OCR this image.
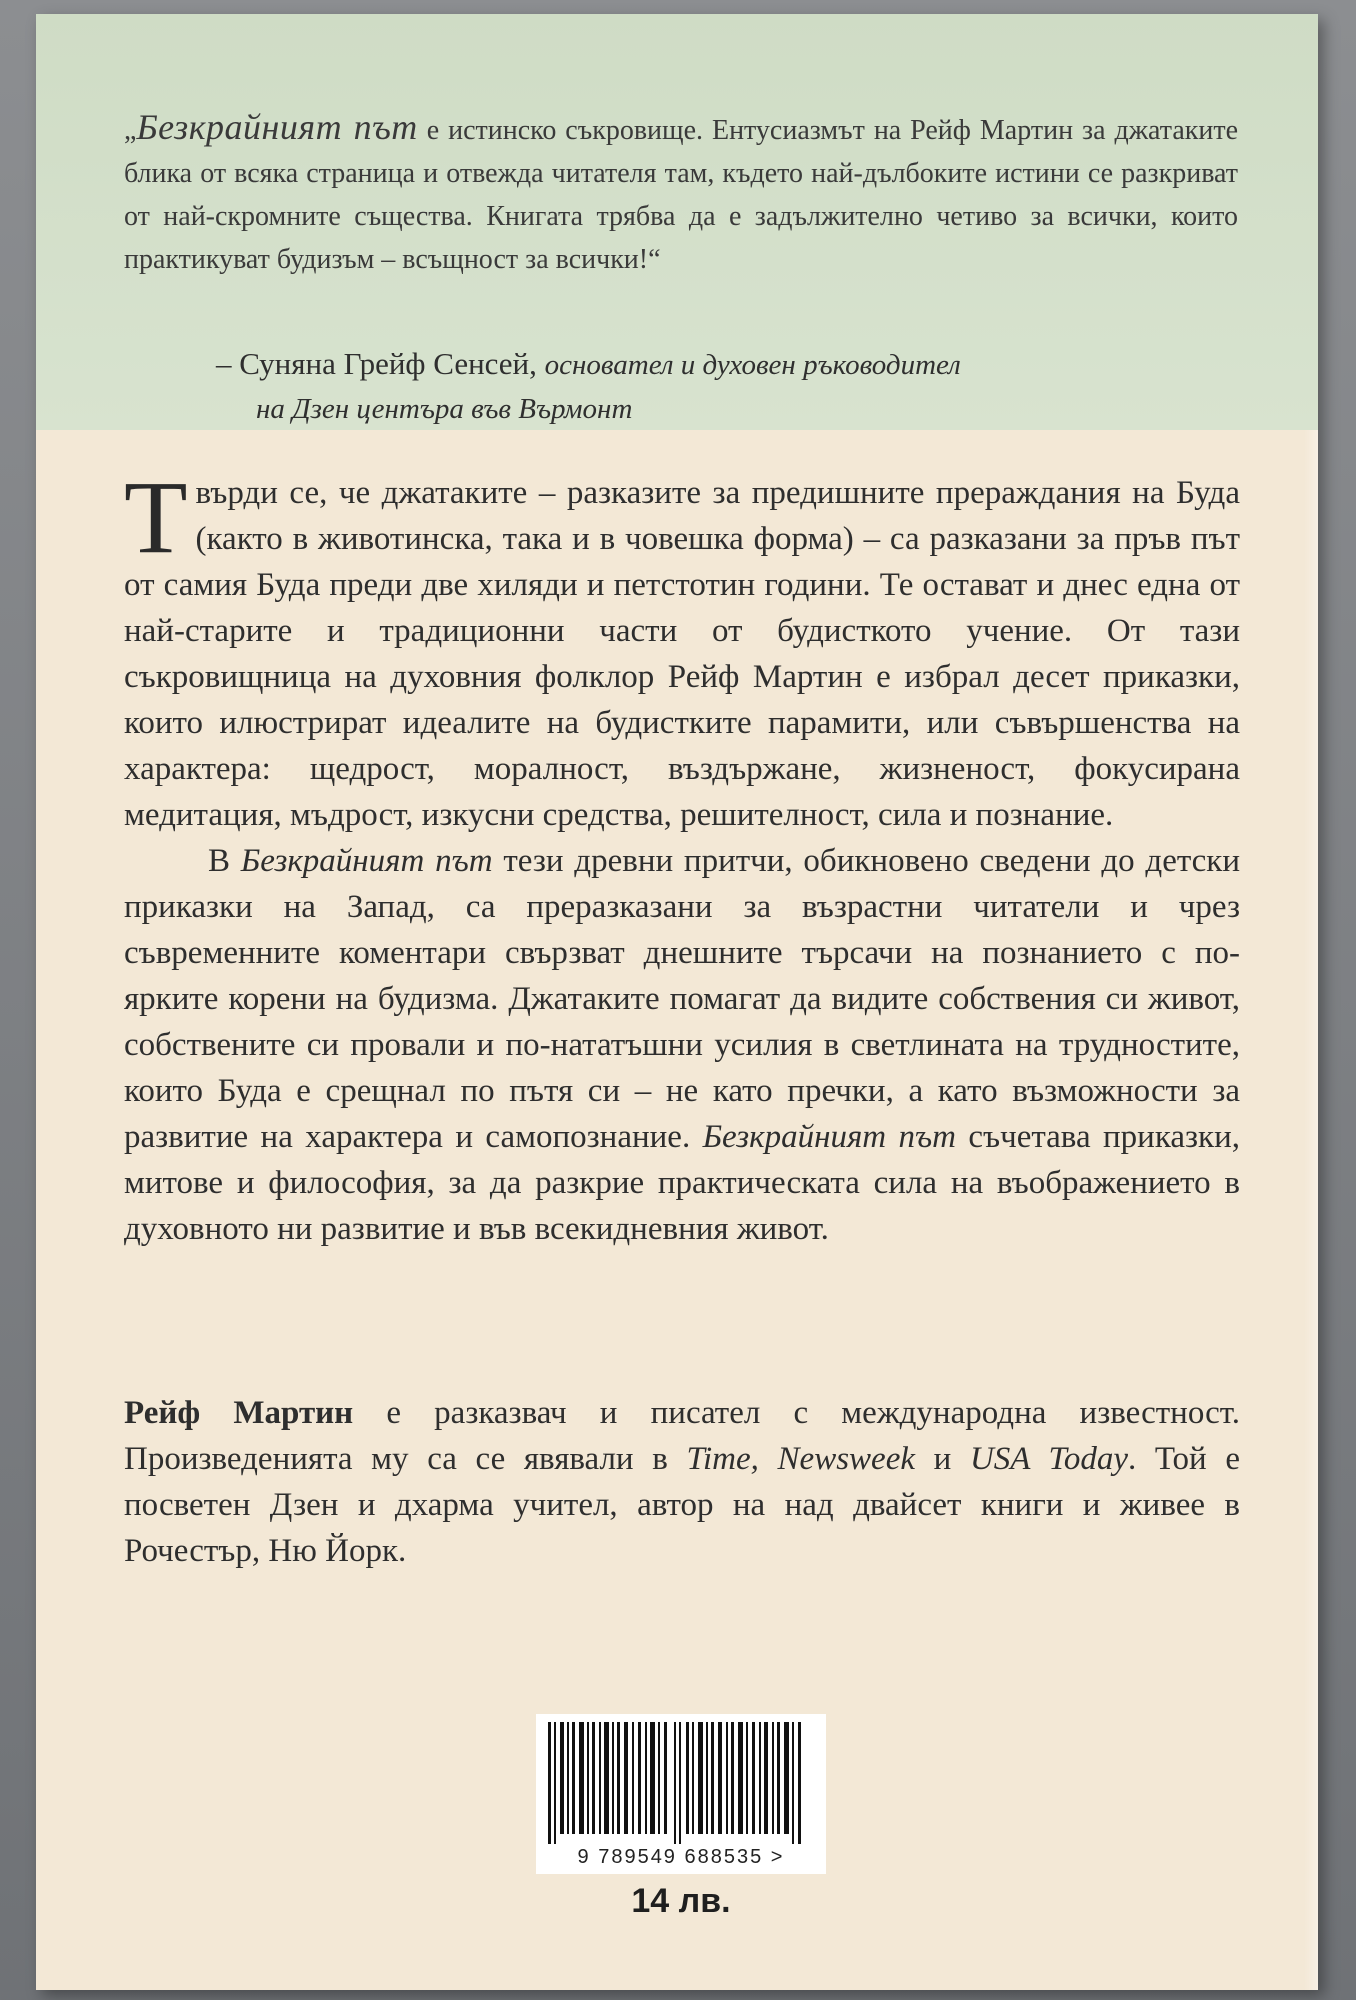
„Безкрайният път е истинско съкровище. Ентусиазмът на Рейф Мартин за джатаките блика от всяка страница и отвежда читателя там, където най-дълбоките истини се разкриват от най-скромните същества. Книгата трябва да е задължително четиво за всички, които практикуват будизъм – всъщност за всички!“
– Суняна Грейф Сенсей, основател и духовен ръководител
на Дзен центъра във Върмонт

Твърди се, че джатаките – разказите за предишните прераждания на Буда (както в животинска, така и в човешка форма) – са разказани за пръв път от самия Буда преди две хиляди и петстотин години. Те остават и днес една от най-старите и традиционни части от будисткото учение. От тази съкровищница на духовния фолклор Рейф Мартин е избрал десет приказки, които илюстрират идеалите на будистките парамити, или съвършенства на характера: щедрост, моралност, въздържане, жизненост, фокусирана медитация, мъдрост, изкусни средства, решителност, сила и познание.

В Безкрайният път тези древни притчи, обикновено сведени до детски приказки на Запад, са преразказани за възрастни читатели и чрез съвременните коментари свързват днешните търсачи на познанието с по-ярките корени на будизма. Джатаките помагат да видите собствения си живот, собствените си провали и по-нататъшни усилия в светлината на трудностите, които Буда е срещнал по пътя си – не като пречки, а като възможности за развитие на характера и самопознание. Безкрайният път съчетава приказки, митове и философия, за да разкрие практическата сила на въображението в духовното ни развитие и във всекидневния живот.

Рейф Мартин е разказвач и писател с международна известност. Произведенията му са се явявали в Time, Newsweek и USA Today. Той е посветен Дзен и дхарма учител, автор на над двайсет книги и живее в Рочестър, Ню Йорк.
9 789549 688535 >
14 лв.
